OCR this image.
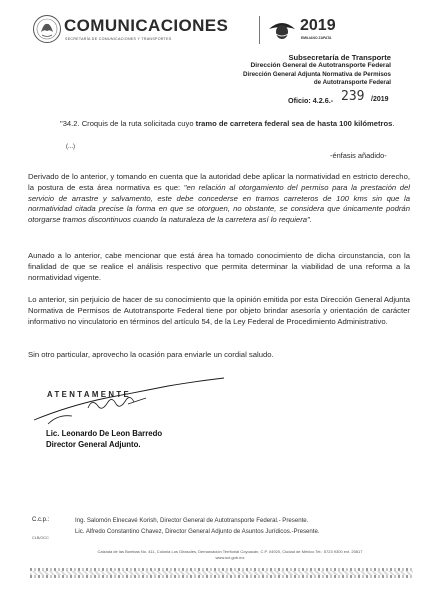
COMUNICACIONES
SECRETARÍA DE COMUNICACIONES Y TRANSPORTES
2019
EMILIANO ZAPATA
Subsecretaría de Transporte
Dirección General de Autotransporte Federal
Dirección General Adjunta Normativa de Permisos
de Autotransporte Federal
Oficio: 4.2.6.- 239 /2019
"34.2. Croquis de la ruta solicitada cuyo tramo de carretera federal sea de hasta 100 kilómetros.
(...)
-énfasis añadido-
Derivado de lo anterior, y tomando en cuenta que la autoridad debe aplicar la normatividad en estricto derecho, la postura de esta área normativa es que: "en relación al otorgamiento del permiso para la prestación del servicio de arrastre y salvamento, este debe concederse en tramos carreteros de 100 kms sin que la normatividad citada precise la forma en que se otorguen, no obstante, se considera que únicamente podrán otorgarse tramos discontinuos cuando la naturaleza de la carretera así lo requiera".
Aunado a lo anterior, cabe mencionar que está área ha tomado conocimiento de dicha circunstancia, con la finalidad de que se realice el análisis respectivo que permita determinar la viabilidad de una reforma a la normatividad vigente.
Lo anterior, sin perjuicio de hacer de su conocimiento que la opinión emitida por esta Dirección General Adjunta Normativa de Permisos de Autotransporte Federal tiene por objeto brindar asesoría y orientación de carácter informativo no vinculatorio en términos del artículo 54, de la Ley Federal de Procedimiento Administrativo.
Sin otro particular, aprovecho la ocasión para enviarle un cordial saludo.
ATENTAMENTE
Lic. Leonardo De Leon Barredo
Director General Adjunto.
C.c.p.:	Ing. Salomón Elnecavé Korish, Director General de Autotransporte Federal.- Presente.
Lic. Alfredo Constantino Chavez, Director General Adjunto de Asuntos Jurídicos.-Presente.
CLB/OCC
Calzada de las Bombas No. 411, Colonia Los Girasoles, Demarcación Territorial Coyoacán, C.P. 04920, Ciudad de México Tel.: 5723 9300 ext. 20817
www.sct.gob.mx
